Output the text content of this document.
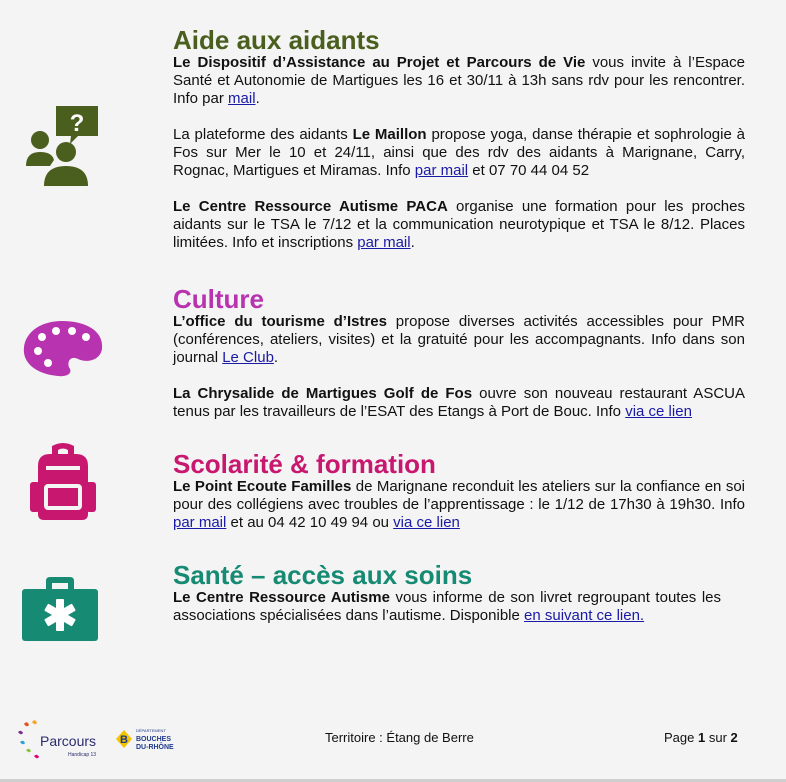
?
Aide aux aidants

Le Dispositif d’Assistance au Projet et Parcours de Vie vous invite à l’Espace Santé et Autonomie de Martigues les 16 et 30/11 à 13h sans rdv pour les rencontrer. Info par mail.

La plateforme des aidants Le Maillon propose yoga, danse thérapie et sophrologie à Fos sur Mer le 10 et 24/11, ainsi que des rdv des aidants à Marignane, Carry, Rognac, Martigues et Miramas. Info par mail et 07 70 44 04 52

Le Centre Ressource Autisme PACA organise une formation pour les proches aidants sur le TSA le 7/12 et la communication neurotypique et TSA le 8/12. Places limitées. Info et inscriptions par mail.

Culture

L’office du tourisme d’Istres propose diverses activités accessibles pour PMR (conférences, ateliers, visites) et la gratuité pour les accompagnants. Info dans son journal Le Club.

La Chrysalide de Martigues Golf de Fos ouvre son nouveau restaurant ASCUA tenus par les travailleurs de l’ESAT des Etangs à Port de Bouc. Info via ce lien

Scolarité & formation

Le Point Ecoute Familles de Marignane reconduit les ateliers sur la confiance en soi pour des collégiens avec troubles de l’apprentissage : le 1/12 de 17h30 à 19h30. Info par mail et au 04 42 10 49 94 ou via ce lien

Santé – accès aux soins

Le Centre Ressource Autisme vous informe de son livret regroupant toutes les associations spécialisées dans l’autisme. Disponible en suivant ce lien.

Parcours
Handicap 13
B
DÉPARTEMENT
BOUCHES
DU-RHÔNE
Territoire : Étang de Berre	Page 1 sur 2
